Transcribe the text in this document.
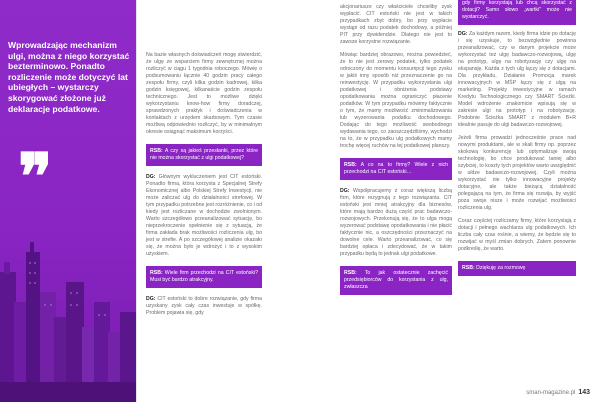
Wprowadzając mechanizm ulgi, można z niego korzystać bezterminowo. Ponadto rozliczenie może dotyczyć lat ubiegłych – wystarczy skorygować złożone już deklaracje podatkowe.
❞

Na bazie własnych doświadczeń mogę stwierdzić, że ulgę ze wsparciem firmy zewnętrznej można rozliczyć w ciągu 1 tygodnia roboczego. Mówię o podsumowaniu łącznie 40 godzin pracy całego zespołu firmy, czyli kilka godzin kadrowej, kilka godzin księgowej, kilkanaście godzin zespołu technicznego. Jest to możliwe dzięki wykorzystaniu know-how firmy doradczej, sprawdzonych praktyk i doświadczenia w kontaktach z urzędem skarbowym. Tym czasie możliwą odpowiednio rozliczyć, by w minimalnym okresie osiągnąć maksimum korzyści.

RSB: A czy są jakieś przesłanki, przez które nie można skorzystać z ulgi podatkowej?

DG: Głównym wykluczeniem jest CIT estoński. Ponadto firma, która korzysta z Specjalnej Strefy Ekonomicznej albo Polskiej Strefy Inwestycji, nie może zaliczać ulg do działalności strefowej. W tym przypadku potrzebne jest rozróżnienie, co i od kiedy jest rozliczane w dochodzie zwolnionym. Warto szczegółowo przeanalizować sytuację, bo nieprzekroczenie spełnienie się z sytuacją, że firma zakłada brak możliwości rozliczenia ulg, bo jest w strefie. A po szczegółowej analizie okazało się, że można było je wdrożyć i to z wysokim użyskiem.

RSB: Wiele firm przechodzi na CIT estoński? Musi być bardzo atrakcyjny.

DG: CIT estoński to dobre rozwiązanie, gdy firma uzyskany zysk cały czas inwestuje w spółkę. Problem pojawia się, gdy

akcjonariusze czy właściciele chcieliby zysk wypłacić. CIT estoński nie jest w takich przypadkach zbyt dobry, bo przy wypłacie wystąpi od razu podatek dochodowy, a później PIT przy dywidendzie. Dlatego nie jest to zawsze korzystne rozwiązanie.

Mówiąc bardziej obrazowo, można powiedzieć, że to nie jest zerowy podatek, tylko podatek odroczony do momentu konsumpcji tego zysku w jakiś inny sposób niż przeznaczenie go na reinwestycję. W przypadku wykorzystania ulgi podatkowej i obniżenia podstawy opodatkowania można ograniczyć płacenie podatków. W tym przypadku mówimy faktycznie o tym, że mamy możliwość zminimalizowania lub wyzerowania podatku dochodowego. Dodając do tego możliwość swobodnego wydawania tego, co zaoszczędziliśmy, wychodzi na to, że w przypadku ulg podatkowych mamy trochę więcej ruchów na tej podatkowej planszy.

RSB: A co na to firmy? Wiele z nich przechodzi na CIT estoński…

DG: Współpracujemy z coraz większą liczbą firm, które rezygnują z tego rozwiązania. CIT estoński jest mniej atrakcyjny dla biznesów, które mają bardzo dużą część prac badawczo-rozwojowych. Przekonują się, że to ulga mogą wyzerować podstawę opodatkowania i nie płacić faktycznie nic, a oszczędności przeznaczyć na dowolne cele. Warto przeanalizować, co się bardziej opłaca i zdecydować, że w takim przypadku będą to jednak ulgi podatkowe.

RSB: To jak ostatecznie zachęcić przedsiębiorców do korzystania z ulg, zwłaszcza
gdy firmy korzystają lub chcą skorzystać z dotacji? Samo słowo „wartki” może nie wystarczyć.

DG: Za każdym razem, kiedy firma idzie po dotację i się uzyskuje, to bezwzględnie powinna przeanalizować, czy w danym projekcie może wykorzystać też ulgę badawczo-rozwojową, ulgę na prototyp, ulgę na robotyzację czy ulgę na ekspansję. Każda z tych ulg łączy się z dotacjami. Dla przykładu, Działanie Promocja marek innowacyjnych w MŚP łączy się z ulgą na marketing. Projekty inwestycyjne w ramach Kredytu Technologicznego czy SMART Ścieżki. Model wdrożenie znakomicie wpisują się w zakresie ulgi na prototyp i na robotyzację. Podobnie Ścieżka SMART z modułem B+R idealnie pasuje do ulgi badawczo-rozwojowej.

Jeżeli firma prowadzi jednocześnie prace nad nowymi produktami, ale w skali firmy np. poprzez skokową konkurencję lub optymalizuje swoją technologię, bo chce produkować taniej albo szybciej, to koszty tych projektów warto uwzględnić w uldze badawczo-rozwojowej. Czyli można wykorzystać nie tylko innowacyjne projekty dotacyjne, ale także bieżącą działalność polegającą na tym, że firma się rozwija, by wyjść poza swoje nisze i może rozwijać możliwości rozliczenia ulg.

Coraz częściej rozliczamy firmy, które korzystają z dotacji i pełnego wachlarza ulg podatkowych. Ich liczba cały czas rośnie, a wiemy, że będzie się to rozwijać w myśl zmian dobrych. Zatem ponownie podkreślę, że warto.

RSB: Dziękuję za rozmowę
sman-magazine.pl 143
